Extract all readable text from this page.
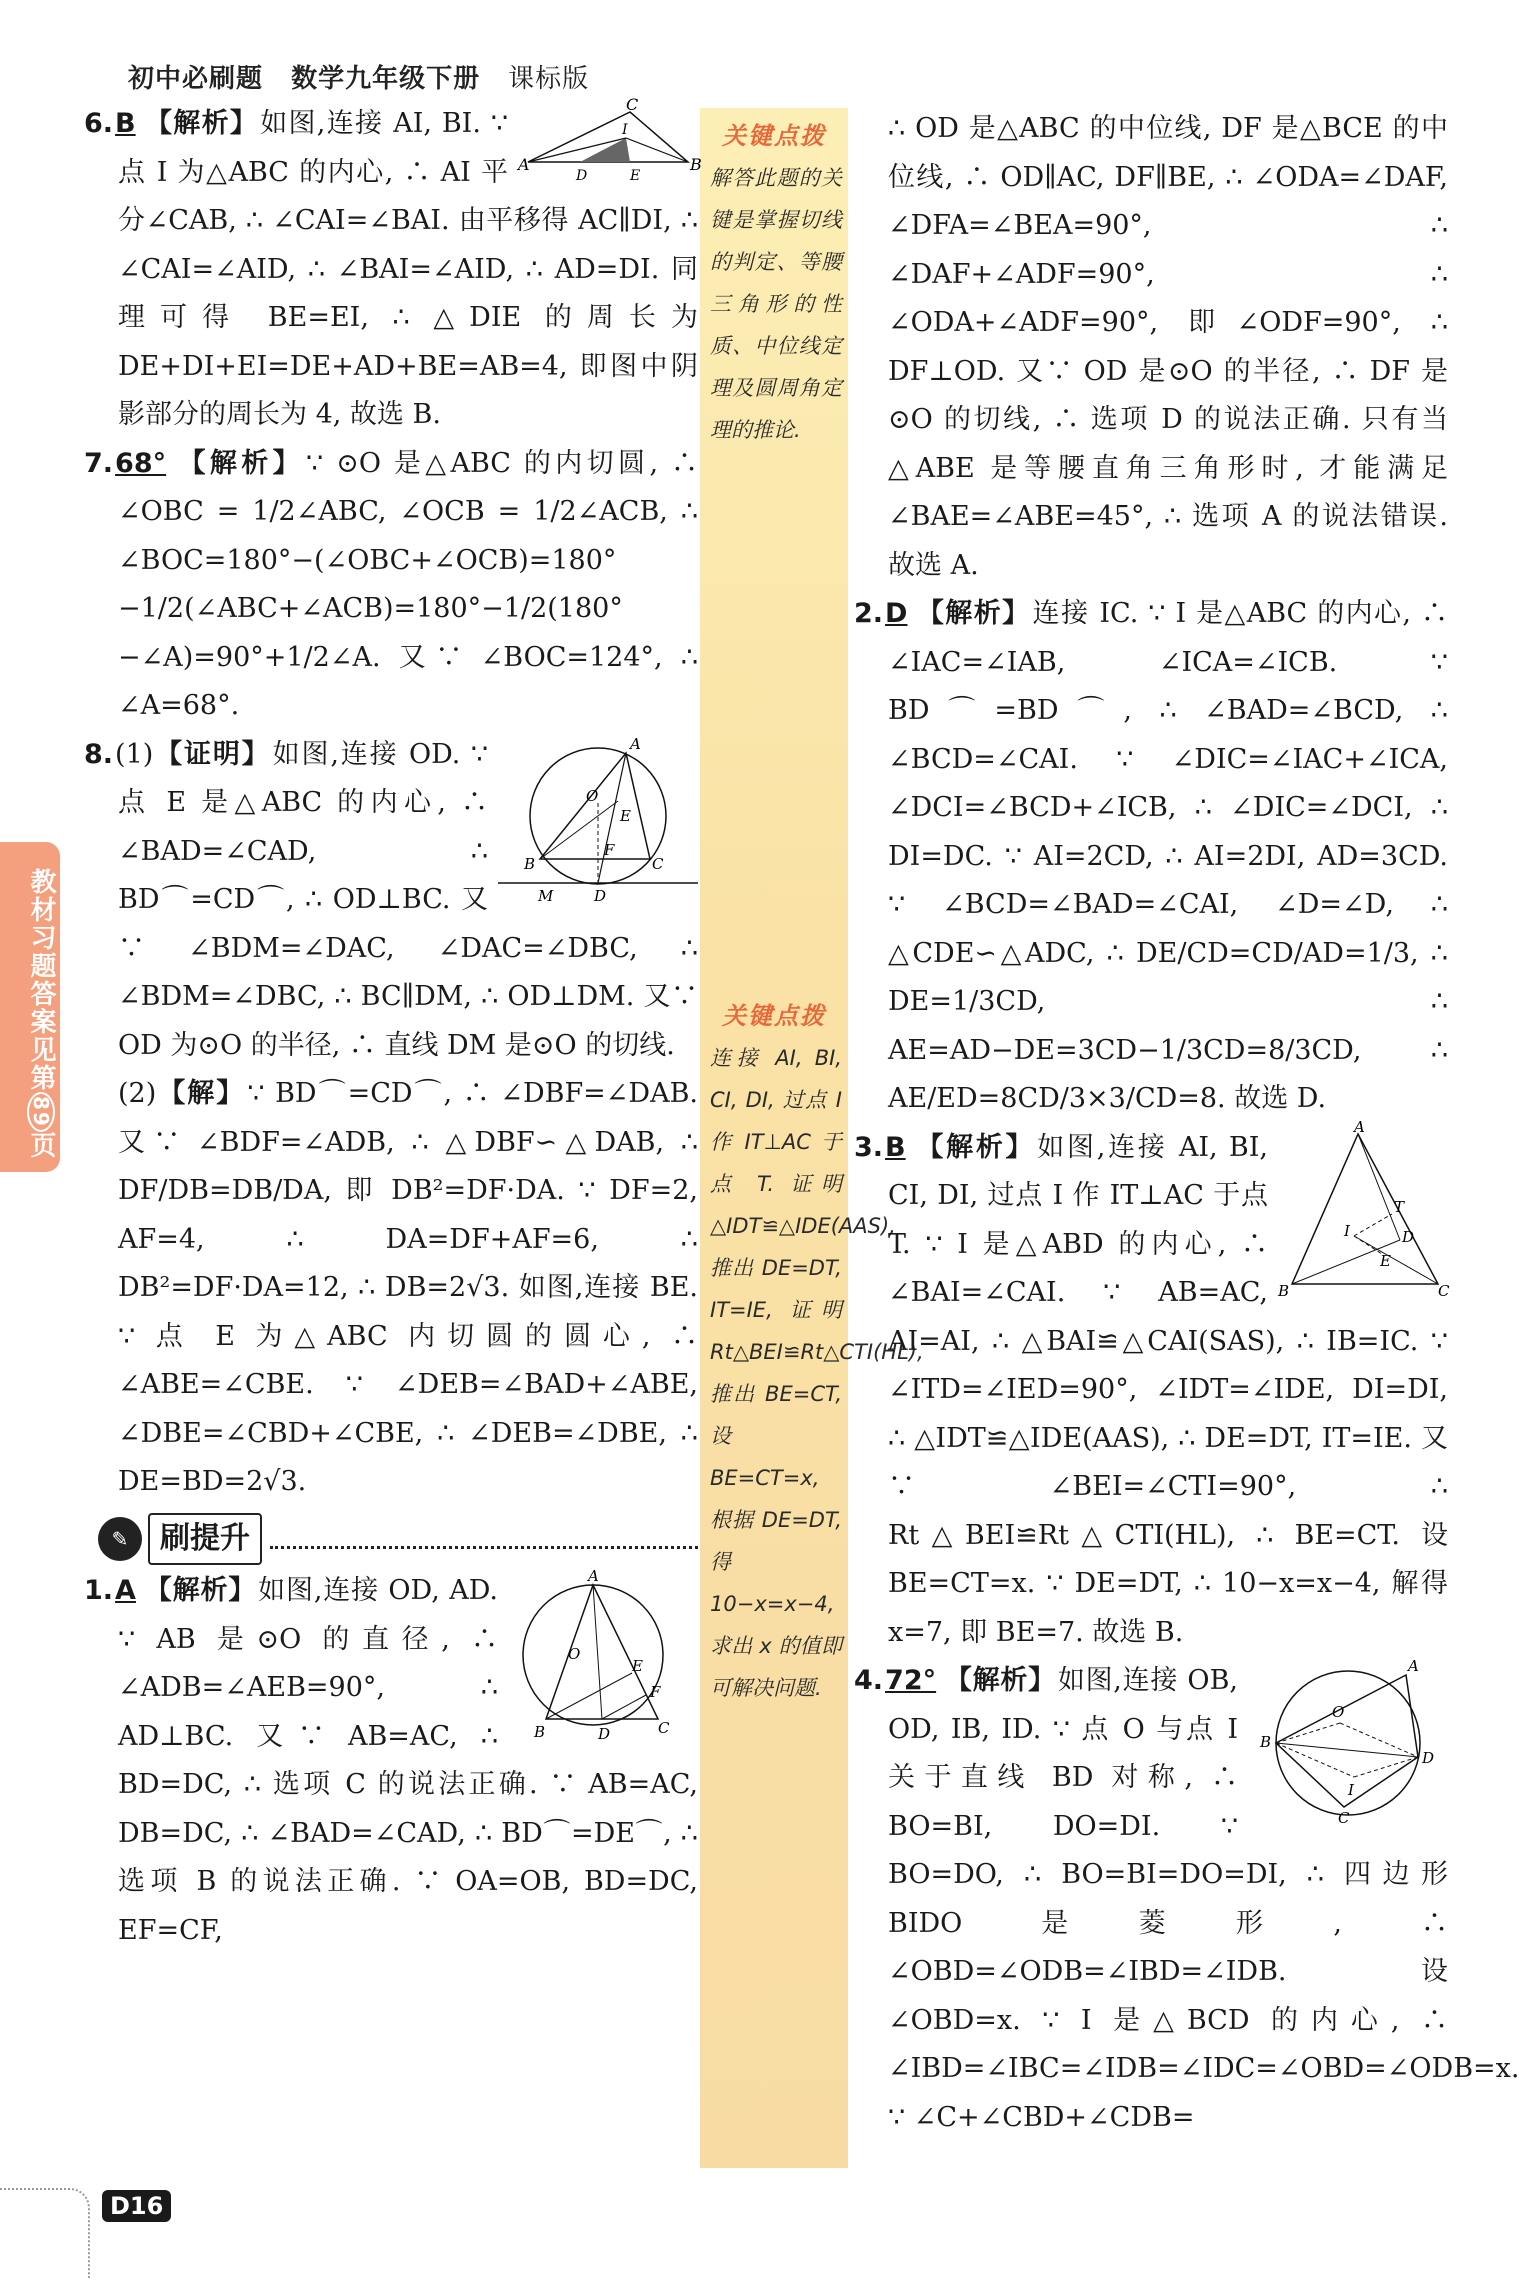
初中必刷题 数学九年级下册 课标版
关键点拨
解答此题的关键是掌握切线的判定、等腰三角形的性质、中位线定理及圆周角定理的推论.
关键点拨
连接 AI, BI, CI, DI, 过点 I 作 IT⊥AC 于点 T. 证明△IDT≌△IDE(AAS), 推出 DE=DT, IT=IE, 证明 Rt△BEI≌Rt△CTI(HL), 推出 BE=CT, 设 BE=CT=x, 根据 DE=DT, 得 10−x=x−4, 求出 x 的值即可解决问题.
教材习题答案见第89页
A	B
C
I
D	E
6.B 【解析】如图,连接 AI, BI. ∵ 点 I 为△ABC 的内心, ∴ AI 平分∠CAB, ∴ ∠CAI=∠BAI. 由平移得 AC∥DI, ∴ ∠CAI=∠AID, ∴ ∠BAI=∠AID, ∴ AD=DI. 同理可得 BE=EI, ∴ △DIE 的周长为 DE+DI+EI=DE+AD+BE=AB=4, 即图中阴影部分的周长为 4, 故选 B.
7.68° 【解析】∵ ⊙O 是△ABC 的内切圆, ∴ ∠OBC = 1/2∠ABC, ∠OCB = 1/2∠ACB, ∴ ∠BOC=180°−(∠OBC+∠OCB)=180°−1/2(∠ABC+∠ACB)=180°−1/2(180°−∠A)=90°+1/2∠A. 又∵ ∠BOC=124°, ∴ ∠A=68°.
A
B	C
D
M
O
E
F
8.(1)【证明】如图,连接 OD. ∵ 点 E 是△ABC 的内心, ∴ ∠BAD=∠CAD, ∴ BD⌒=CD⌒, ∴ OD⊥BC. 又∵ ∠BDM=∠DAC, ∠DAC=∠DBC, ∴ ∠BDM=∠DBC, ∴ BC∥DM, ∴ OD⊥DM. 又∵ OD 为⊙O 的半径, ∴ 直线 DM 是⊙O 的切线.
(2)【解】∵ BD⌒=CD⌒, ∴ ∠DBF=∠DAB. 又∵ ∠BDF=∠ADB, ∴ △DBF∽△DAB, ∴ DF/DB=DB/DA, 即 DB²=DF·DA. ∵ DF=2, AF=4, ∴ DA=DF+AF=6, ∴ DB²=DF·DA=12, ∴ DB=2√3. 如图,连接 BE. ∵ 点 E 为△ABC 内切圆的圆心, ∴ ∠ABE=∠CBE. ∵ ∠DEB=∠BAD+∠ABE, ∠DBE=∠CBD+∠CBE, ∴ ∠DEB=∠DBE, ∴ DE=BD=2√3.
✎	刷提升
A
B	C
D
E
F
O
1.A 【解析】如图,连接 OD, AD. ∵ AB 是⊙O 的直径, ∴ ∠ADB=∠AEB=90°, ∴ AD⊥BC. 又∵ AB=AC, ∴ BD=DC, ∴ 选项 C 的说法正确. ∵ AB=AC, DB=DC, ∴ ∠BAD=∠CAD, ∴ BD⌒=DE⌒, ∴ 选项 B 的说法正确. ∵ OA=OB, BD=DC, EF=CF,
∴ OD 是△ABC 的中位线, DF 是△BCE 的中位线, ∴ OD∥AC, DF∥BE, ∴ ∠ODA=∠DAF, ∠DFA=∠BEA=90°, ∴ ∠DAF+∠ADF=90°, ∴ ∠ODA+∠ADF=90°, 即∠ODF=90°, ∴ DF⊥OD. 又∵ OD 是⊙O 的半径, ∴ DF 是⊙O 的切线, ∴ 选项 D 的说法正确. 只有当△ABE 是等腰直角三角形时, 才能满足∠BAE=∠ABE=45°, ∴ 选项 A 的说法错误. 故选 A.
2.D 【解析】连接 IC. ∵ I 是△ABC 的内心, ∴ ∠IAC=∠IAB, ∠ICA=∠ICB. ∵ BD⌒=BD⌒, ∴ ∠BAD=∠BCD, ∴ ∠BCD=∠CAI. ∵ ∠DIC=∠IAC+∠ICA, ∠DCI=∠BCD+∠ICB, ∴ ∠DIC=∠DCI, ∴ DI=DC. ∵ AI=2CD, ∴ AI=2DI, AD=3CD. ∵ ∠BCD=∠BAD=∠CAI, ∠D=∠D, ∴ △CDE∽△ADC, ∴ DE/CD=CD/AD=1/3, ∴ DE=1/3CD, ∴ AE=AD−DE=3CD−1/3CD=8/3CD, ∴ AE/ED=8CD/3×3/CD=8. 故选 D.
A
B	C
D
E
T
I
3.B 【解析】如图,连接 AI, BI, CI, DI, 过点 I 作 IT⊥AC 于点 T. ∵ I 是△ABD 的内心, ∴ ∠BAI=∠CAI. ∵ AB=AC, AI=AI, ∴ △BAI≌△CAI(SAS), ∴ IB=IC. ∵ ∠ITD=∠IED=90°, ∠IDT=∠IDE, DI=DI, ∴ △IDT≌△IDE(AAS), ∴ DE=DT, IT=IE. 又∵ ∠BEI=∠CTI=90°, ∴ Rt△BEI≌Rt△CTI(HL), ∴ BE=CT. 设 BE=CT=x. ∵ DE=DT, ∴ 10−x=x−4, 解得 x=7, 即 BE=7. 故选 B.
A
B
C
D
O
I
4.72° 【解析】如图,连接 OB, OD, IB, ID. ∵ 点 O 与点 I 关于直线 BD 对称, ∴ BO=BI, DO=DI. ∵ BO=DO, ∴ BO=BI=DO=DI, ∴ 四边形 BIDO 是菱形, ∴ ∠OBD=∠ODB=∠IBD=∠IDB. 设∠OBD=x. ∵ I 是△BCD 的内心, ∴ ∠IBD=∠IBC=∠IDB=∠IDC=∠OBD=∠ODB=x. ∵ ∠C+∠CBD+∠CDB=
D16
